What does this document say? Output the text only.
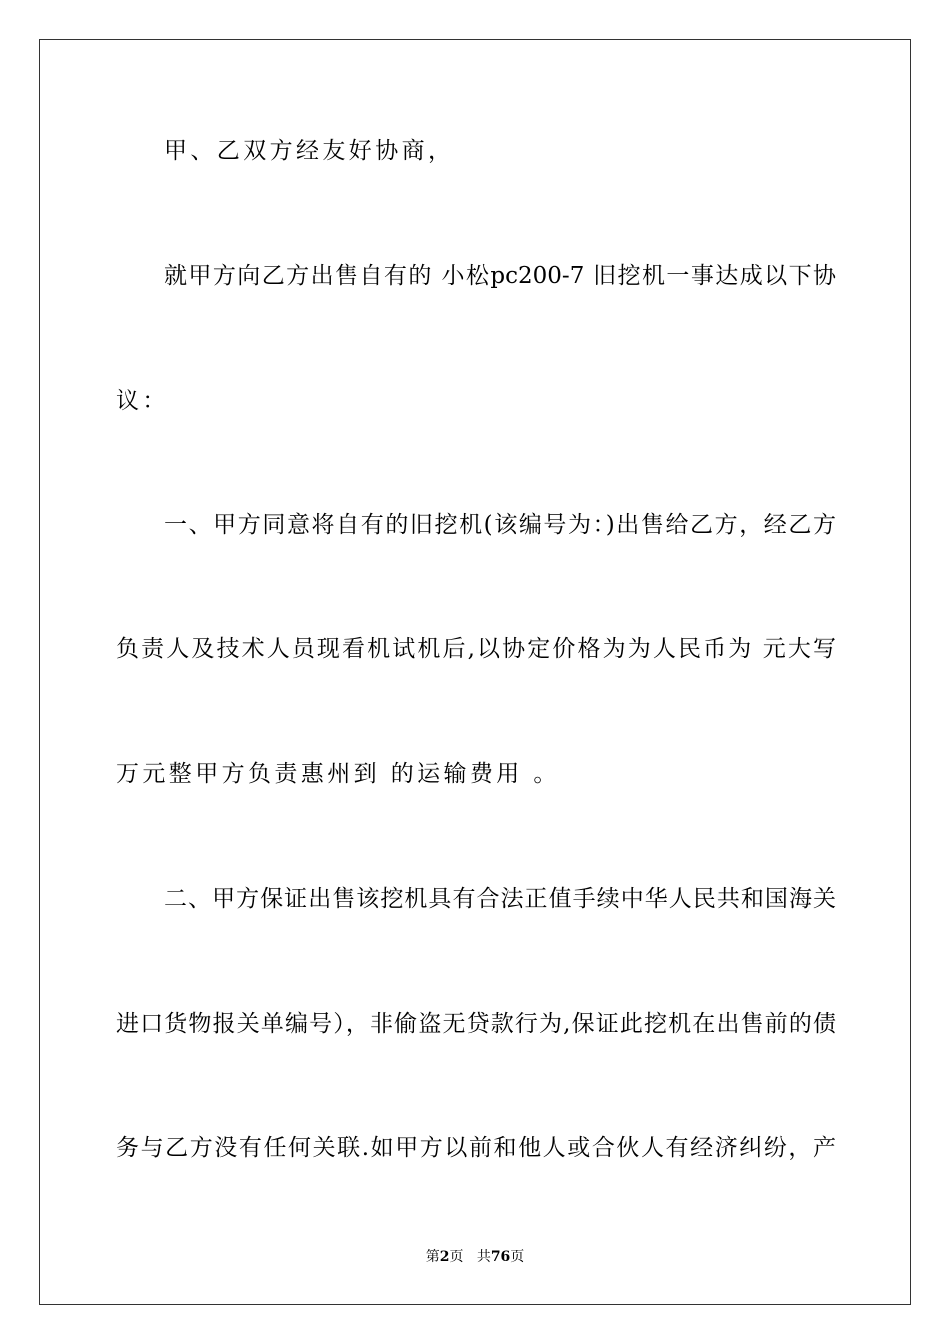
甲、乙双方经友好协商，
就甲方向乙方出售自有的 小松pc200-7 旧挖机一事达成以下协
议：
一、甲方同意将自有的旧挖机(该编号为：)出售给乙方，经乙方
负责人及技术人员现看机试机后,以协定价格为为人民币为 元大写
万元整甲方负责惠州到 的运输费用 。
二、甲方保证出售该挖机具有合法正值手续中华人民共和国海关
进口货物报关单编号），非偷盗无贷款行为,保证此挖机在出售前的债
务与乙方没有任何关联.如甲方以前和他人或合伙人有经济纠纷，产
第2页 共76页
